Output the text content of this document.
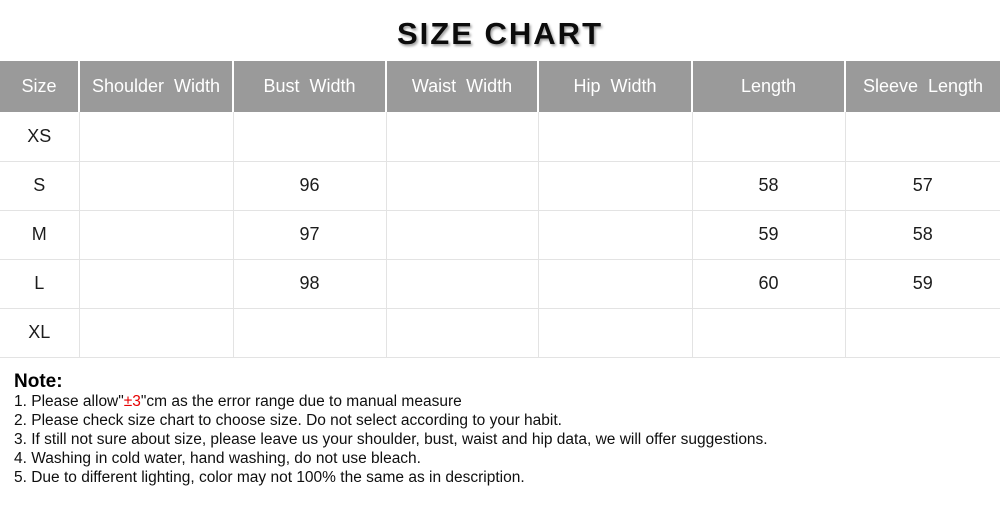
SIZE CHART
Size	Shoulder Width	Bust Width	Waist Width	Hip Width	Length	Sleeve Length
XS						
S		96			58	57
M		97			59	58
L		98			60	59
XL						
Note:
1. Please allow"±3"cm as the error range due to manual measure
2. Please check size chart to choose size. Do not select according to your habit.
3. If still not sure about size, please leave us your shoulder, bust, waist and hip data, we will offer suggestions.
4. Washing in cold water, hand washing, do not use bleach.
5. Due to different lighting, color may not 100% the same as in description.
